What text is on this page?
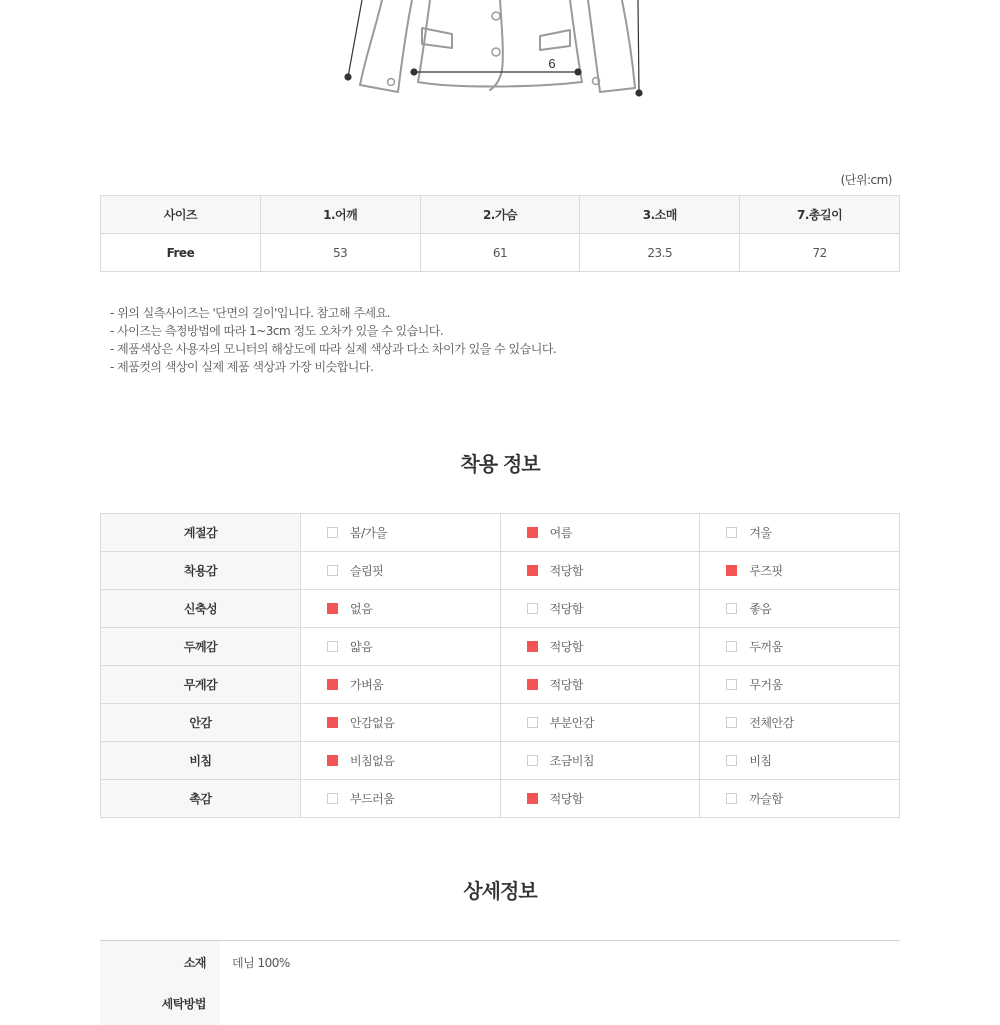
6
(단위:cm)
사이즈	1.어깨	2.가슴	3.소매	7.총길이
Free	53	61	23.5	72
- 위의 실측사이즈는 '단면의 길이'입니다. 참고해 주세요.
- 사이즈는 측정방법에 따라 1~3cm 정도 오차가 있을 수 있습니다.
- 제품색상은 사용자의 모니터의 해상도에 따라 실제 색상과 다소 차이가 있을 수 있습니다.
- 제품컷의 색상이 실제 제품 색상과 가장 비슷합니다.
착용 정보
계절감	봄/가을	여름	겨울
착용감	슬림핏	적당함	루즈핏
신축성	없음	적당함	좋음
두께감	얇음	적당함	두꺼움
무게감	가벼움	적당함	무거움
안감	안감없음	부분안감	전체안감
비침	비침없음	조금비침	비침
촉감	부드러움	적당함	까슬함
상세정보
소재	데님 100%
세탁방법	
